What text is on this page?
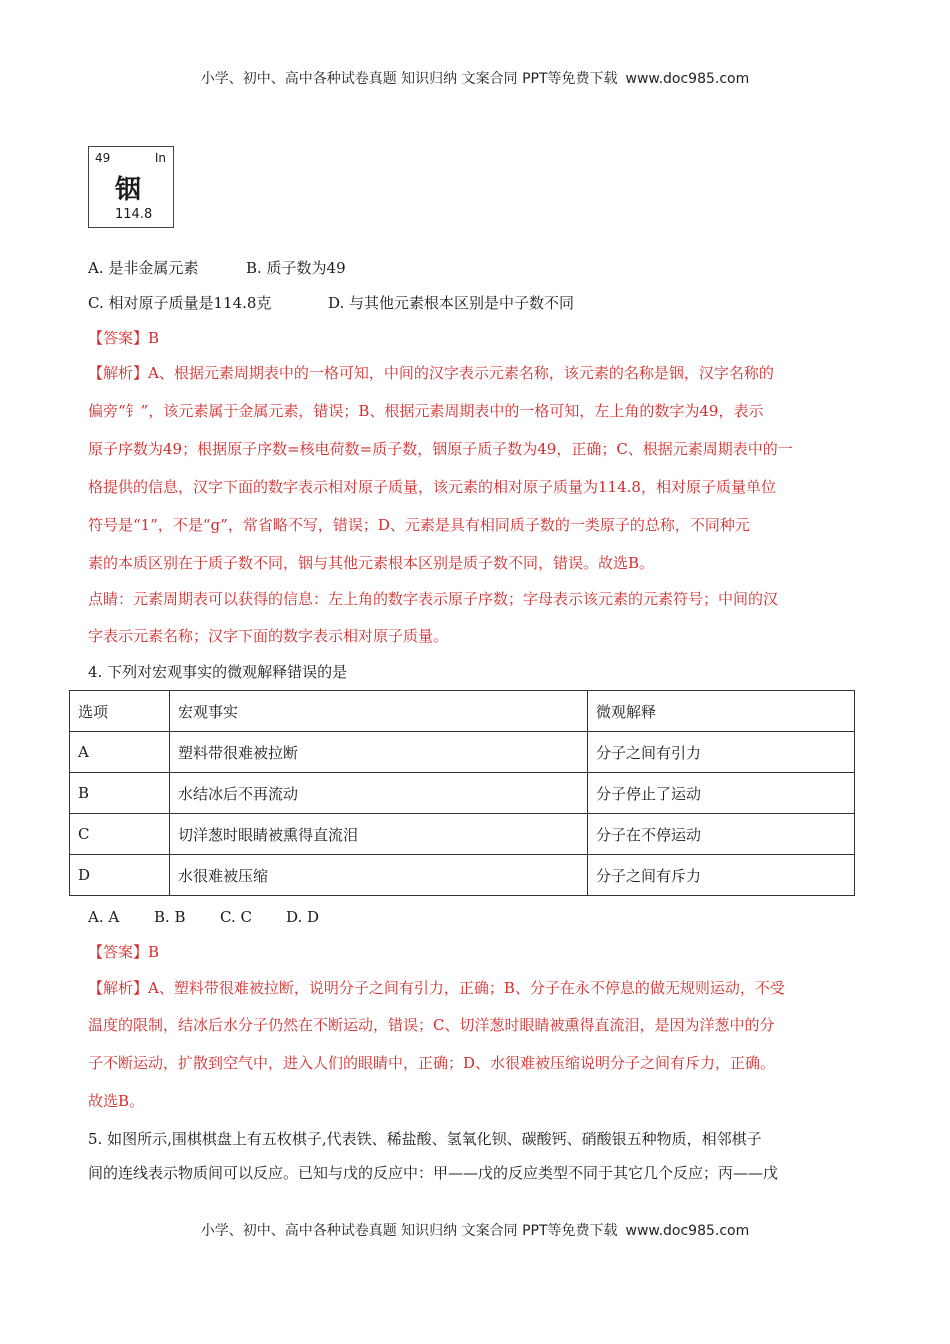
小学、初中、高中各种试卷真题 知识归纳 文案合同 PPT等免费下载 www.doc985.com
49	In
铟
114.8
A. 是非金属元素	B. 质子数为49
C. 相对原子质量是114.8克	D. 与其他元素根本区别是中子数不同
【答案】B
【解析】A、根据元素周期表中的一格可知，中间的汉字表示元素名称，该元素的名称是铟，汉字名称的
偏旁“钅”，该元素属于金属元素，错误；B、根据元素周期表中的一格可知，左上角的数字为49，表示
原子序数为49；根据原子序数=核电荷数=质子数，铟原子质子数为49，正确；C、根据元素周期表中的一
格提供的信息，汉字下面的数字表示相对原子质量，该元素的相对原子质量为114.8，相对原子质量单位
符号是“1”，不是“g”，常省略不写，错误；D、元素是具有相同质子数的一类原子的总称，不同种元
素的本质区别在于质子数不同，铟与其他元素根本区别是质子数不同，错误。故选B。
点睛：元素周期表可以获得的信息：左上角的数字表示原子序数；字母表示该元素的元素符号；中间的汉
字表示元素名称；汉字下面的数字表示相对原子质量。
4. 下列对宏观事实的微观解释错误的是
选项	宏观事实	微观解释
A	塑料带很难被拉断	分子之间有引力
B	水结冰后不再流动	分子停止了运动
C	切洋葱时眼睛被熏得直流泪	分子在不停运动
D	水很难被压缩	分子之间有斥力
A. A B. B C. C D. D
【答案】B
【解析】A、塑料带很难被拉断，说明分子之间有引力，正确；B、分子在永不停息的做无规则运动，不受
温度的限制，结冰后水分子仍然在不断运动，错误；C、切洋葱时眼睛被熏得直流泪，是因为洋葱中的分
子不断运动，扩散到空气中，进入人们的眼睛中，正确；D、水很难被压缩说明分子之间有斥力，正确。
故选B。
5. 如图所示,围棋棋盘上有五枚棋子,代表铁、稀盐酸、氢氧化钡、碳酸钙、硝酸银五种物质，相邻棋子
间的连线表示物质间可以反应。已知与戊的反应中：甲——戊的反应类型不同于其它几个反应；丙——戊
小学、初中、高中各种试卷真题 知识归纳 文案合同 PPT等免费下载 www.doc985.com
